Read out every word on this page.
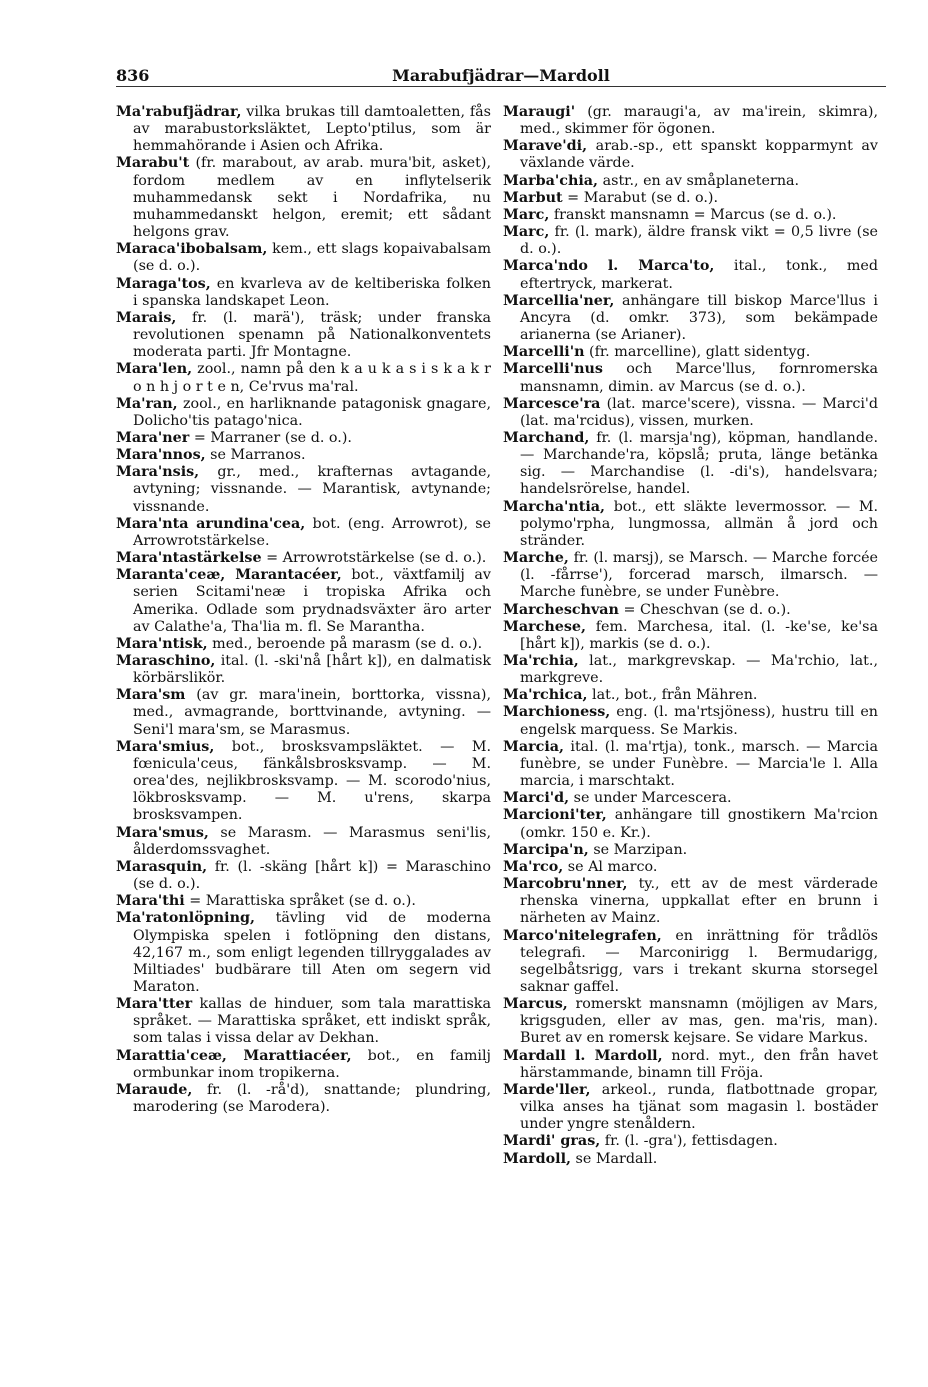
836	Marabufjädrar—Mardoll

Ma'rabufjädrar, vilka brukas till damtoaletten, fås av marabustorksläktet, Lepto'ptilus, som är hemmahörande i Asien och Afrika.

Marabu't (fr. marabout, av arab. mura'bit, asket), fordom medlem av en inflytelserik muhammedansk sekt i Nordafrika, nu muhammedanskt helgon, eremit; ett sådant helgons grav.

Maraca'ibobalsam, kem., ett slags kopaivabalsam (se d. o.).

Maraga'tos, en kvarleva av de keltiberiska folken i spanska landskapet Leon.

Marais, fr. (l. marä'), träsk; under franska revolutionen spenamn på Nationalkonventets moderata parti. Jfr Montagne.

Mara'len, zool., namn på den k a u k a s i s k a k r o n h j o r t e n, Ce'rvus ma'ral.

Ma'ran, zool., en harliknande patagonisk gnagare, Dolicho'tis patago'nica.

Mara'ner = Marraner (se d. o.).

Mara'nnos, se Marranos.

Mara'nsis, gr., med., krafternas avtagande, avtyning; vissnande. — Marantisk, avtynande; vissnande.

Mara'nta arundina'cea, bot. (eng. Arrowrot), se Arrowrotstärkelse.

Mara'ntastärkelse = Arrowrotstärkelse (se d. o.).

Maranta'ceæ, Marantacéer, bot., växtfamilj av serien Scitami'neæ i tropiska Afrika och Amerika. Odlade som prydnadsväxter äro arter av Calathe'a, Tha'lia m. fl. Se Marantha.

Mara'ntisk, med., beroende på marasm (se d. o.).

Maraschino, ital. (l. -ski'nå [hårt k]), en dalmatisk körbärslikör.

Mara'sm (av gr. mara'inein, borttorka, vissna), med., avmagrande, borttvinande, avtyning. — Seni'l mara'sm, se Marasmus.

Mara'smius, bot., brosksvampsläktet. — M. fœnicula'ceus, fänkålsbrosksvamp. — M. orea'des, nejlikbrosksvamp. — M. scorodo'nius, lökbrosksvamp. — M. u'rens, skarpa brosksvampen.

Mara'smus, se Marasm. — Marasmus seni'lis, ålderdomssvaghet.

Marasquin, fr. (l. -skäng [hårt k]) = Maraschino (se d. o.).

Mara'thi = Marattiska språket (se d. o.).

Ma'ratonlöpning, tävling vid de moderna Olympiska spelen i fotlöpning den distans, 42,167 m., som enligt legenden tillryggalades av Miltiades' budbärare till Aten om segern vid Maraton.

Mara'tter kallas de hinduer, som tala marattiska språket. — Marattiska språket, ett indiskt språk, som talas i vissa delar av Dekhan.

Marattia'ceæ, Marattiacéer, bot., en familj ormbunkar inom tropikerna.

Maraude, fr. (l. -rå'd), snattande; plundring, marodering (se Marodera).

Maraugi' (gr. maraugi'a, av ma'irein, skimra), med., skimmer för ögonen.

Marave'di, arab.-sp., ett spanskt kopparmynt av växlande värde.

Marba'chia, astr., en av småplaneterna.

Marbut = Marabut (se d. o.).

Marc, franskt mansnamn = Marcus (se d. o.).

Marc, fr. (l. mark), äldre fransk vikt = 0,5 livre (se d. o.).

Marca'ndo l. Marca'to, ital., tonk., med eftertryck, markerat.

Marcellia'ner, anhängare till biskop Marce'llus i Ancyra (d. omkr. 373), som bekämpade arianerna (se Arianer).

Marcelli'n (fr. marcelline), glatt sidentyg.

Marcelli'nus och Marce'llus, fornromerska mansnamn, dimin. av Marcus (se d. o.).

Marcesce'ra (lat. marce'scere), vissna. — Marci'd (lat. ma'rcidus), vissen, murken.

Marchand, fr. (l. marsja'ng), köpman, handlande. — Marchande'ra, köpslå; pruta, länge betänka sig. — Marchandise (l. -di's), handelsvara; handelsrörelse, handel.

Marcha'ntia, bot., ett släkte levermossor. — M. polymo'rpha, lungmossa, allmän å jord och stränder.

Marche, fr. (l. marsj), se Marsch. — Marche forcée (l. -fårrse'), forcerad marsch, ilmarsch. — Marche funèbre, se under Funèbre.

Marcheschvan = Cheschvan (se d. o.).

Marchese, fem. Marchesa, ital. (l. -ke'se, ke'sa [hårt k]), markis (se d. o.).

Ma'rchia, lat., markgrevskap. — Ma'rchio, lat., markgreve.

Ma'rchica, lat., bot., från Mähren.

Marchioness, eng. (l. ma'rtsjöness), hustru till en engelsk marquess. Se Markis.

Marcia, ital. (l. ma'rtja), tonk., marsch. — Marcia funèbre, se under Funèbre. — Marcia'le l. Alla marcia, i marschtakt.

Marci'd, se under Marcescera.

Marcioni'ter, anhängare till gnostikern Ma'rcion (omkr. 150 e. Kr.).

Marcipa'n, se Marzipan.

Ma'rco, se Al marco.

Marcobru'nner, ty., ett av de mest värderade rhenska vinerna, uppkallat efter en brunn i närheten av Mainz.

Marco'nitelegrafen, en inrättning för trådlös telegrafi. — Marconirigg l. Bermudarigg, segelbåtsrigg, vars i trekant skurna storsegel saknar gaffel.

Marcus, romerskt mansnamn (möjligen av Mars, krigsguden, eller av mas, gen. ma'ris, man). Buret av en romersk kejsare. Se vidare Markus.

Mardall l. Mardoll, nord. myt., den från havet härstammande, binamn till Fröja.

Marde'ller, arkeol., runda, flatbottnade gropar, vilka anses ha tjänat som magasin l. bostäder under yngre stenåldern.

Mardi' gras, fr. (l. -gra'), fettisdagen.

Mardoll, se Mardall.
